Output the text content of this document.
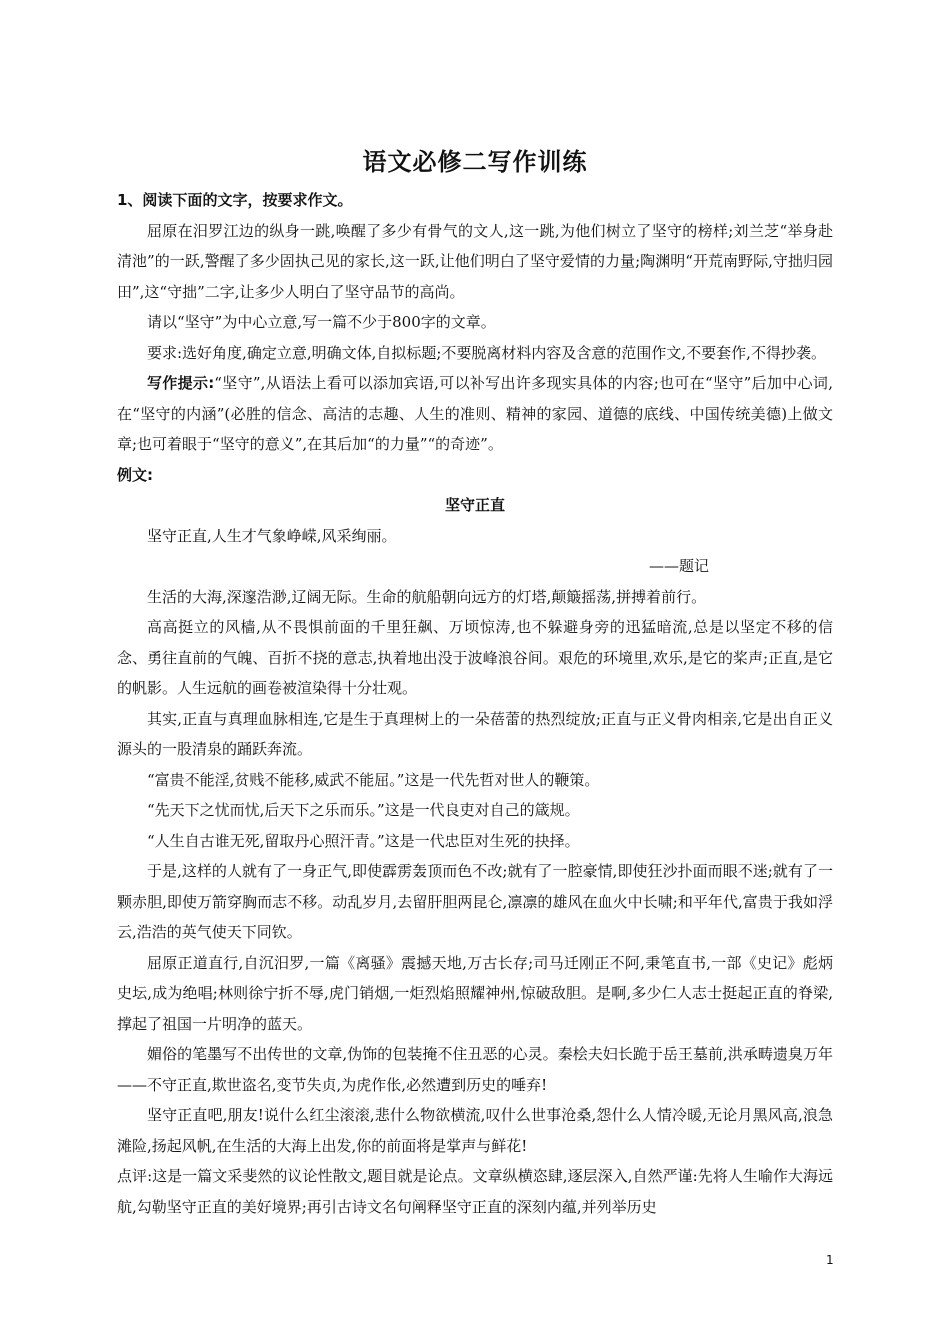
语文必修二写作训练

1、阅读下面的文字，按要求作文。

屈原在汨罗江边的纵身一跳,唤醒了多少有骨气的文人,这一跳,为他们树立了坚守的榜样;刘兰芝“举身赴清池”的一跃,警醒了多少固执己见的家长,这一跃,让他们明白了坚守爱情的力量;陶渊明“开荒南野际,守拙归园田”,这“守拙”二字,让多少人明白了坚守品节的高尚。

请以“坚守”为中心立意,写一篇不少于800字的文章。

要求:选好角度,确定立意,明确文体,自拟标题;不要脱离材料内容及含意的范围作文,不要套作,不得抄袭。

写作提示:“坚守”,从语法上看可以添加宾语,可以补写出许多现实具体的内容;也可在“坚守”后加中心词,在“坚守的内涵”(必胜的信念、高洁的志趣、人生的准则、精神的家园、道德的底线、中国传统美德)上做文章;也可着眼于“坚守的意义”,在其后加“的力量”“的奇迹”。

例文:

坚守正直

坚守正直,人生才气象峥嵘,风采绚丽。

——题记

生活的大海,深邃浩渺,辽阔无际。生命的航船朝向远方的灯塔,颠簸摇荡,拼搏着前行。

高高挺立的风樯,从不畏惧前面的千里狂飙、万顷惊涛,也不躲避身旁的迅猛暗流,总是以坚定不移的信念、勇往直前的气魄、百折不挠的意志,执着地出没于波峰浪谷间。艰危的环境里,欢乐,是它的桨声;正直,是它的帆影。人生远航的画卷被渲染得十分壮观。

其实,正直与真理血脉相连,它是生于真理树上的一朵蓓蕾的热烈绽放;正直与正义骨肉相亲,它是出自正义源头的一股清泉的踊跃奔流。

“富贵不能淫,贫贱不能移,威武不能屈。”这是一代先哲对世人的鞭策。

“先天下之忧而忧,后天下之乐而乐。”这是一代良吏对自己的箴规。

“人生自古谁无死,留取丹心照汗青。”这是一代忠臣对生死的抉择。

于是,这样的人就有了一身正气,即使霹雳轰顶而色不改;就有了一腔豪情,即使狂沙扑面而眼不迷;就有了一颗赤胆,即使万箭穿胸而志不移。动乱岁月,去留肝胆两昆仑,凛凛的雄风在血火中长啸;和平年代,富贵于我如浮云,浩浩的英气使天下同钦。

屈原正道直行,自沉汨罗,一篇《离骚》震撼天地,万古长存;司马迁刚正不阿,秉笔直书,一部《史记》彪炳史坛,成为绝唱;林则徐宁折不辱,虎门销烟,一炬烈焰照耀神州,惊破敌胆。是啊,多少仁人志士挺起正直的脊梁,撑起了祖国一片明净的蓝天。

媚俗的笔墨写不出传世的文章,伪饰的包装掩不住丑恶的心灵。秦桧夫妇长跪于岳王墓前,洪承畴遗臭万年——不守正直,欺世盗名,变节失贞,为虎作伥,必然遭到历史的唾弃!

坚守正直吧,朋友!说什么红尘滚滚,悲什么物欲横流,叹什么世事沧桑,怨什么人情冷暖,无论月黑风高,浪急滩险,扬起风帆,在生活的大海上出发,你的前面将是掌声与鲜花!

点评:这是一篇文采斐然的议论性散文,题目就是论点。文章纵横恣肆,逐层深入,自然严谨:先将人生喻作大海远航,勾勒坚守正直的美好境界;再引古诗文名句阐释坚守正直的深刻内蕴,并列举历史

1
